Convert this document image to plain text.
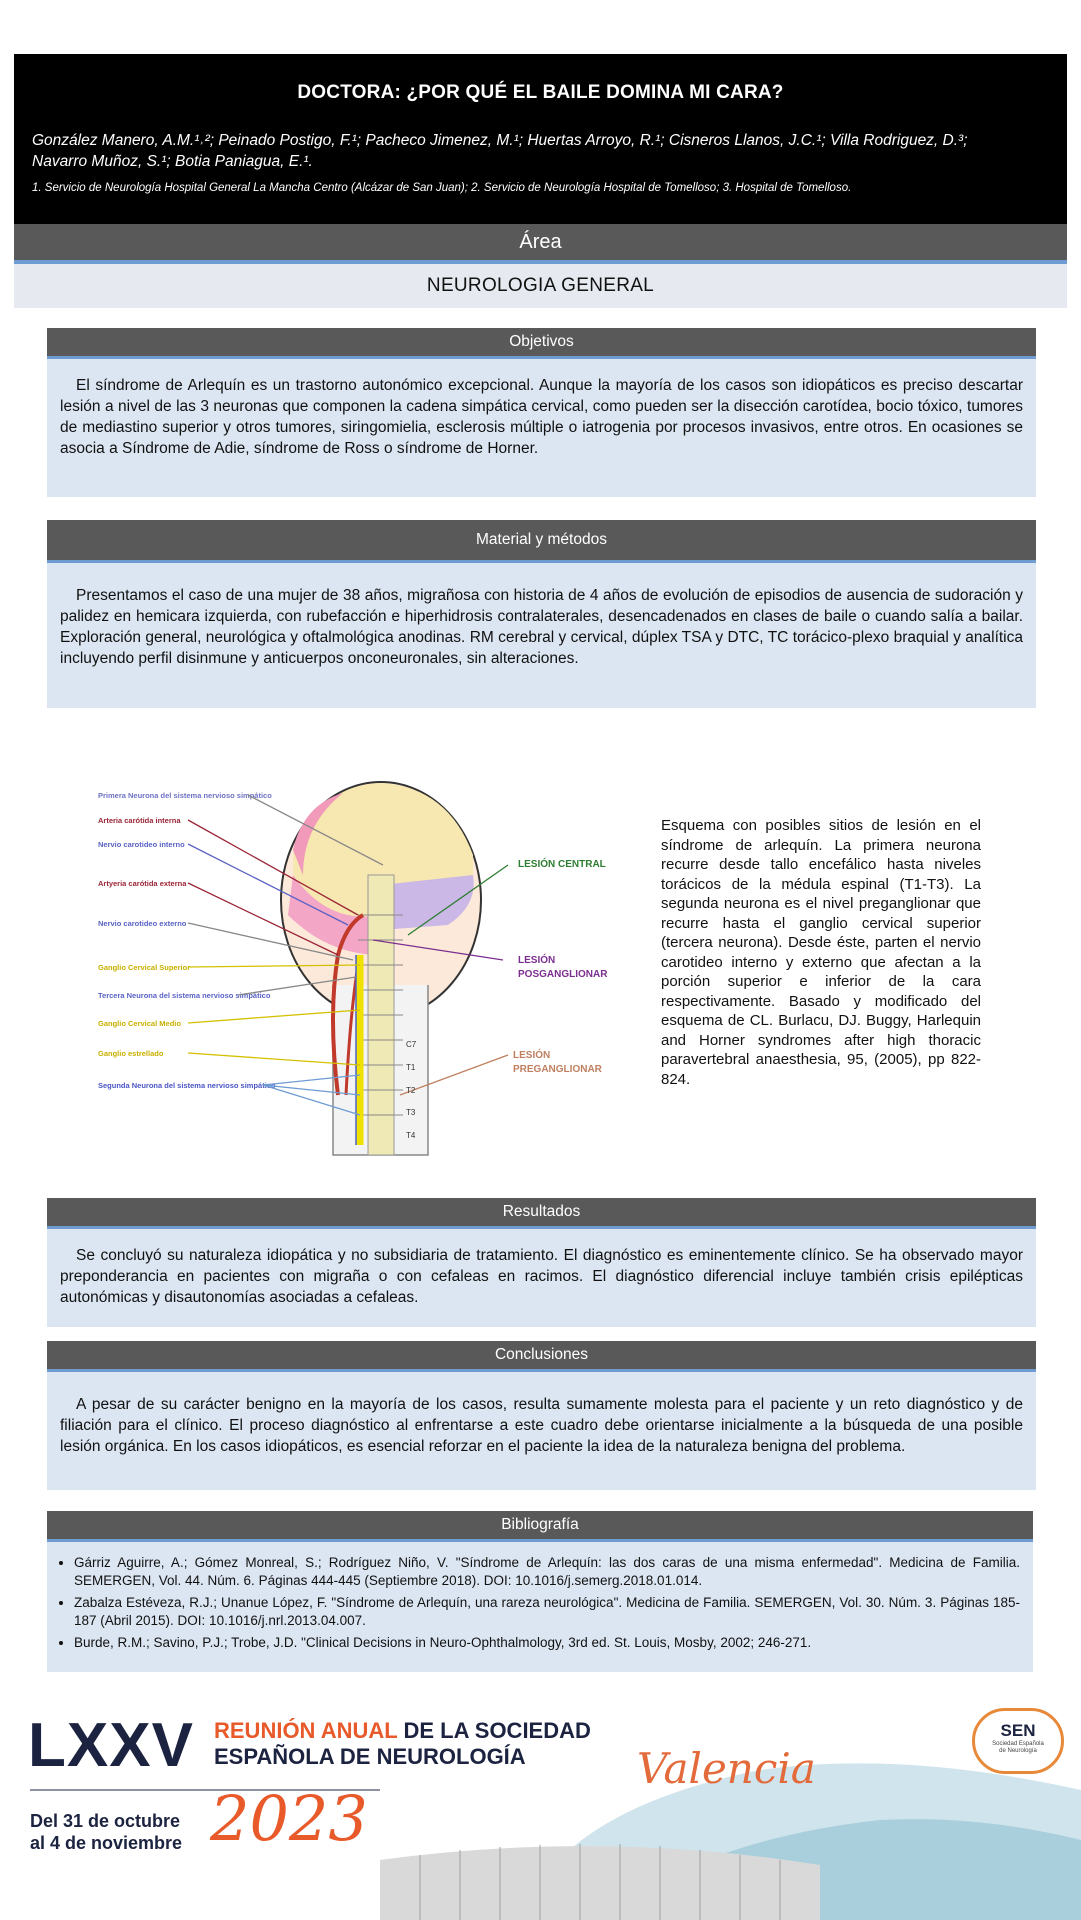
DOCTORA: ¿POR QUÉ EL BAILE DOMINA MI CARA?
González Manero, A.M.¹˒²; Peinado Postigo, F.¹; Pacheco Jimenez, M.¹; Huertas Arroyo, R.¹; Cisneros Llanos, J.C.¹; Villa Rodriguez, D.³;
Navarro Muñoz, S.¹; Botia Paniagua, E.¹.
1. Servicio de Neurología Hospital General La Mancha Centro (Alcázar de San Juan); 2. Servicio de Neurología Hospital de Tomelloso; 3. Hospital de Tomelloso.
Área
NEUROLOGIA GENERAL
Objetivos

El síndrome de Arlequín es un trastorno autonómico excepcional. Aunque la mayoría de los casos son idiopáticos es preciso descartar lesión a nivel de las 3 neuronas que componen la cadena simpática cervical, como pueden ser la disección carotídea, bocio tóxico, tumores de mediastino superior y otros tumores, siringomielia, esclerosis múltiple o iatrogenia por procesos invasivos, entre otros. En ocasiones se asocia a Síndrome de Adie, síndrome de Ross o síndrome de Horner.

Material y métodos

Presentamos el caso de una mujer de 38 años, migrañosa con historia de 4 años de evolución de episodios de ausencia de sudoración y palidez en hemicara izquierda, con rubefacción e hiperhidrosis contralaterales, desencadenados en clases de baile o cuando salía a bailar. Exploración general, neurológica y oftalmológica anodinas. RM cerebral y cervical, dúplex TSA y DTC, TC torácico-plexo braquial y analítica incluyendo perfil disinmune y anticuerpos onconeuronales, sin alteraciones.

Primera Neurona del sistema nervioso simpático
Arteria carótida interna
Nervio carotideo interno
Artyeria carótida externa
Nervio carotideo externo
Ganglio Cervical Superior
Tercera Neurona del sistema nervioso simpático
Ganglio Cervical Medio
Ganglio estrellado
Segunda Neurona del sistema nervioso simpático
C7
T1
T2
T3
T4
LESIÓN CENTRAL
LESIÓN
POSGANGLIONAR
LESIÓN
PREGANGLIONAR
Esquema con posibles sitios de lesión en el síndrome de arlequín. La primera neurona recurre desde tallo encefálico hasta niveles torácicos de la médula espinal (T1-T3). La segunda neurona es el nivel preganglionar que recurre hasta el ganglio cervical superior (tercera neurona). Desde éste, parten el nervio carotideo interno y externo que afectan a la porción superior e inferior de la cara respectivamente. Basado y modificado del esquema de CL. Burlacu, DJ. Buggy, Harlequin and Horner syndromes after high thoracic paravertebral anaesthesia, 95, (2005), pp 822-824.
Resultados

Se concluyó su naturaleza idiopática y no subsidiaria de tratamiento. El diagnóstico es eminentemente clínico. Se ha observado mayor preponderancia en pacientes con migraña o con cefaleas en racimos. El diagnóstico diferencial incluye también crisis epilépticas autonómicas y disautonomías asociadas a cefaleas.

Conclusiones

A pesar de su carácter benigno en la mayoría de los casos, resulta sumamente molesta para el paciente y un reto diagnóstico y de filiación para el clínico. El proceso diagnóstico al enfrentarse a este cuadro debe orientarse inicialmente a la búsqueda de una posible lesión orgánica. En los casos idiopáticos, es esencial reforzar en el paciente la idea de la naturaleza benigna del problema.

Bibliografía
• Gárriz Aguirre, A.; Gómez Monreal, S.; Rodríguez Niño, V. "Síndrome de Arlequín: las dos caras de una misma enfermedad". Medicina de Familia. SEMERGEN, Vol. 44. Núm. 6. Páginas 444-445 (Septiembre 2018). DOI: 10.1016/j.semerg.2018.01.014.
• Zabalza Estéveza, R.J.; Unanue López, F. "Síndrome de Arlequín, una rareza neurológica". Medicina de Familia. SEMERGEN, Vol. 30. Núm. 3. Páginas 185-187 (Abril 2015). DOI: 10.1016/j.nrl.2013.04.007.
• Burde, R.M.; Savino, P.J.; Trobe, J.D. "Clinical Decisions in Neuro-Ophthalmology, 3rd ed. St. Louis, Mosby, 2002; 246-271.
LXXV REUNIÓN ANUAL DE LA SOCIEDAD
ESPAÑOLA DE NEUROLOGÍA
Del 31 de octubre
al 4 de noviembre 2023
Valencia
SEN
Sociedad Española
de Neurología
